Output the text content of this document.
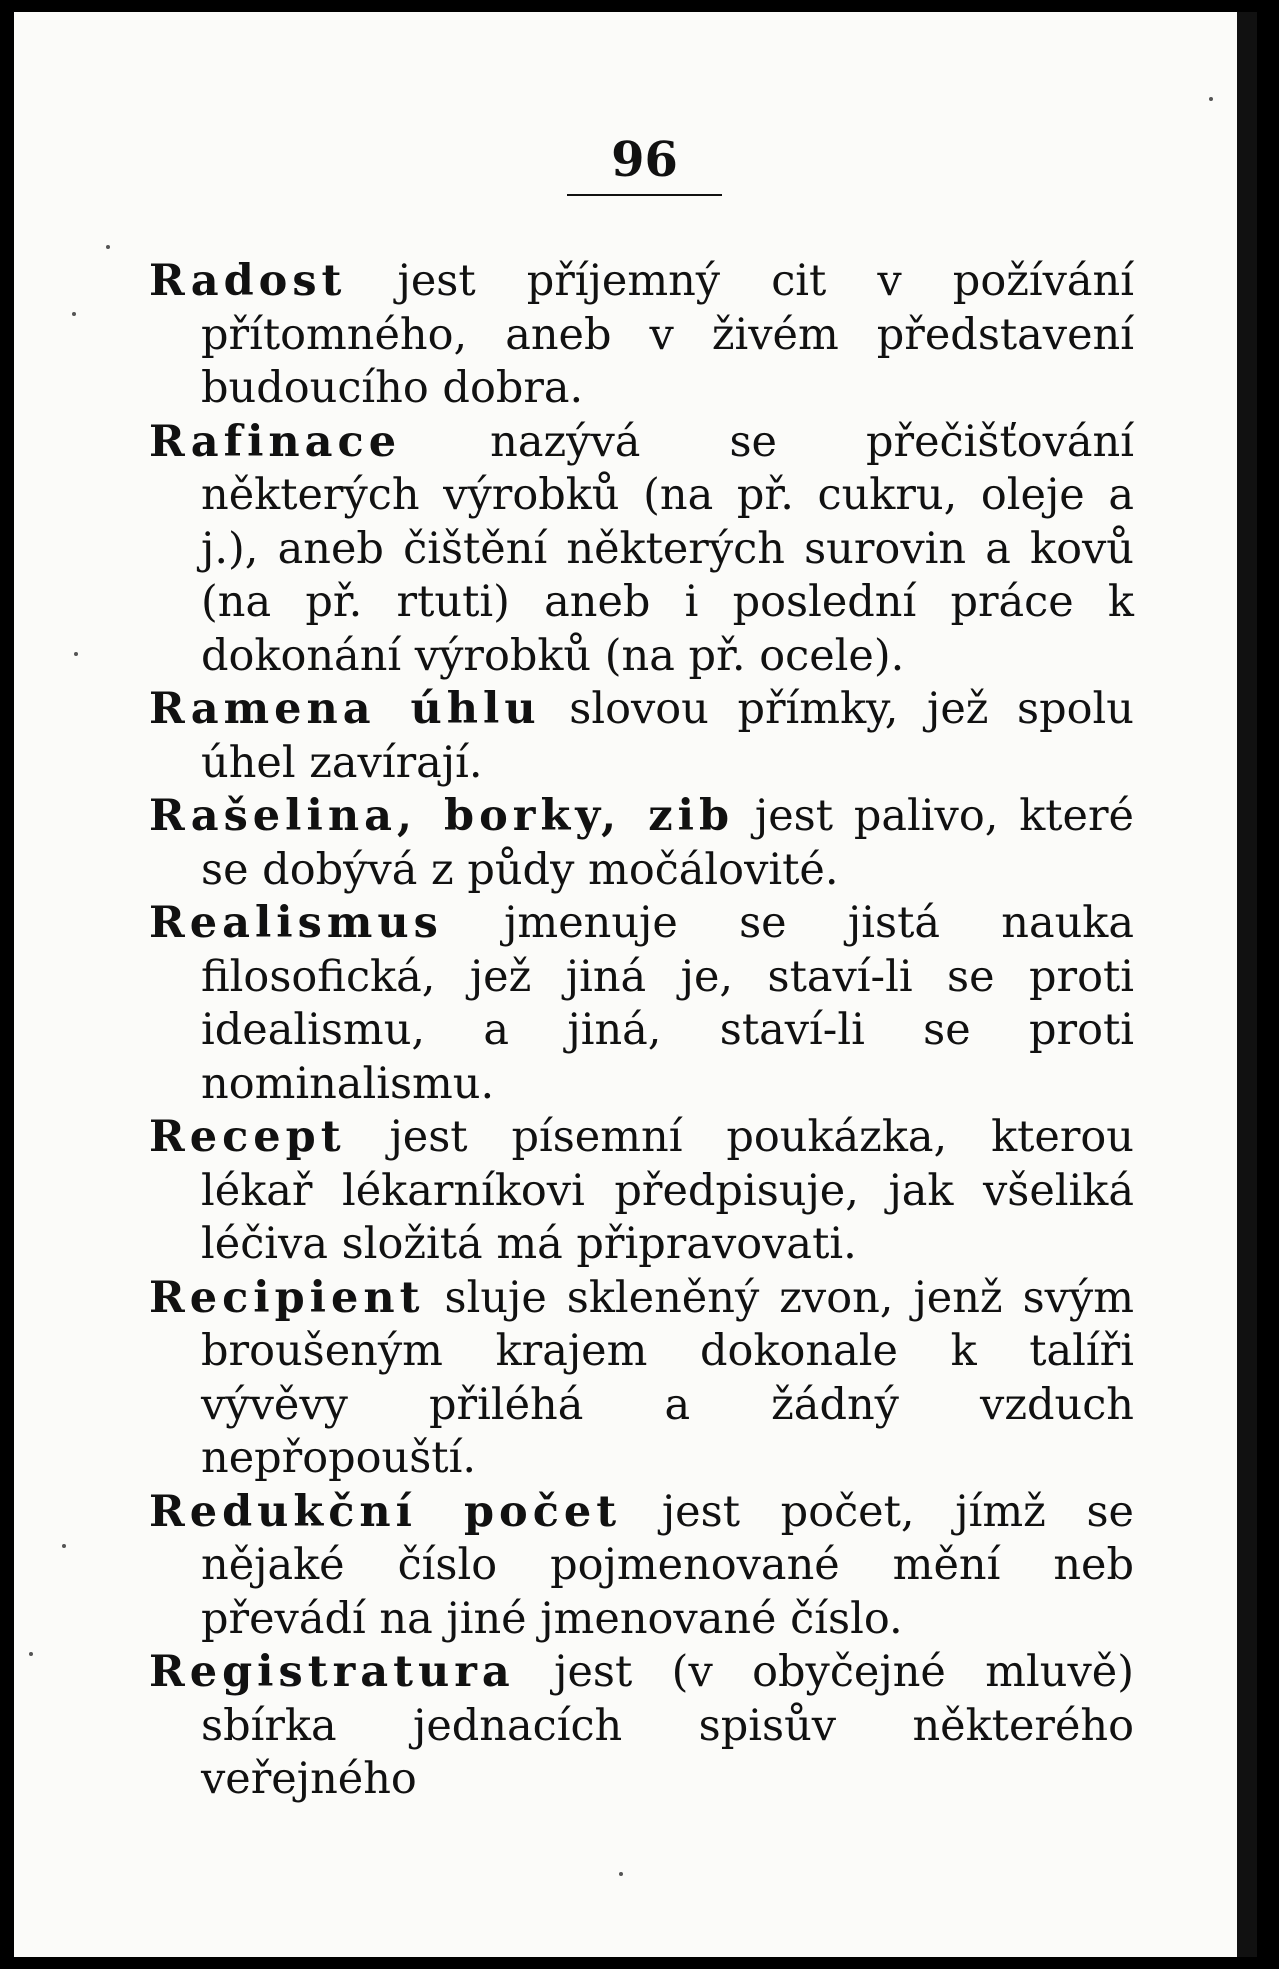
96

Radost jest příjemný cit v požívání přítomného, aneb v živém představení budoucího dobra.

Rafinace nazývá se přečišťování některých výrobků (na př. cukru, oleje a j.), aneb čištění některých surovin a kovů (na př. rtuti) aneb i poslední práce k dokonání výrobků (na př. ocele).

Ramena úhlu slovou přímky, jež spolu úhel zavírají.

Rašelina, borky, zib jest palivo, které se dobývá z půdy močálovité.

Realismus jmenuje se jistá nauka filosofická, jež jiná je, staví-li se proti idealismu, a jiná, staví-li se proti nominalismu.

Recept jest písemní poukázka, kterou lékař lékarníkovi předpisuje, jak všeliká léčiva složitá má připravovati.

Recipient sluje skleněný zvon, jenž svým broušeným krajem dokonale k talíři vývěvy přiléhá a žádný vzduch nepřopouští.

Redukční počet jest počet, jímž se nějaké číslo pojmenované mění neb převádí na jiné jmenované číslo.

Registratura jest (v obyčejné mluvě) sbírka jednacích spisův některého veřejného
